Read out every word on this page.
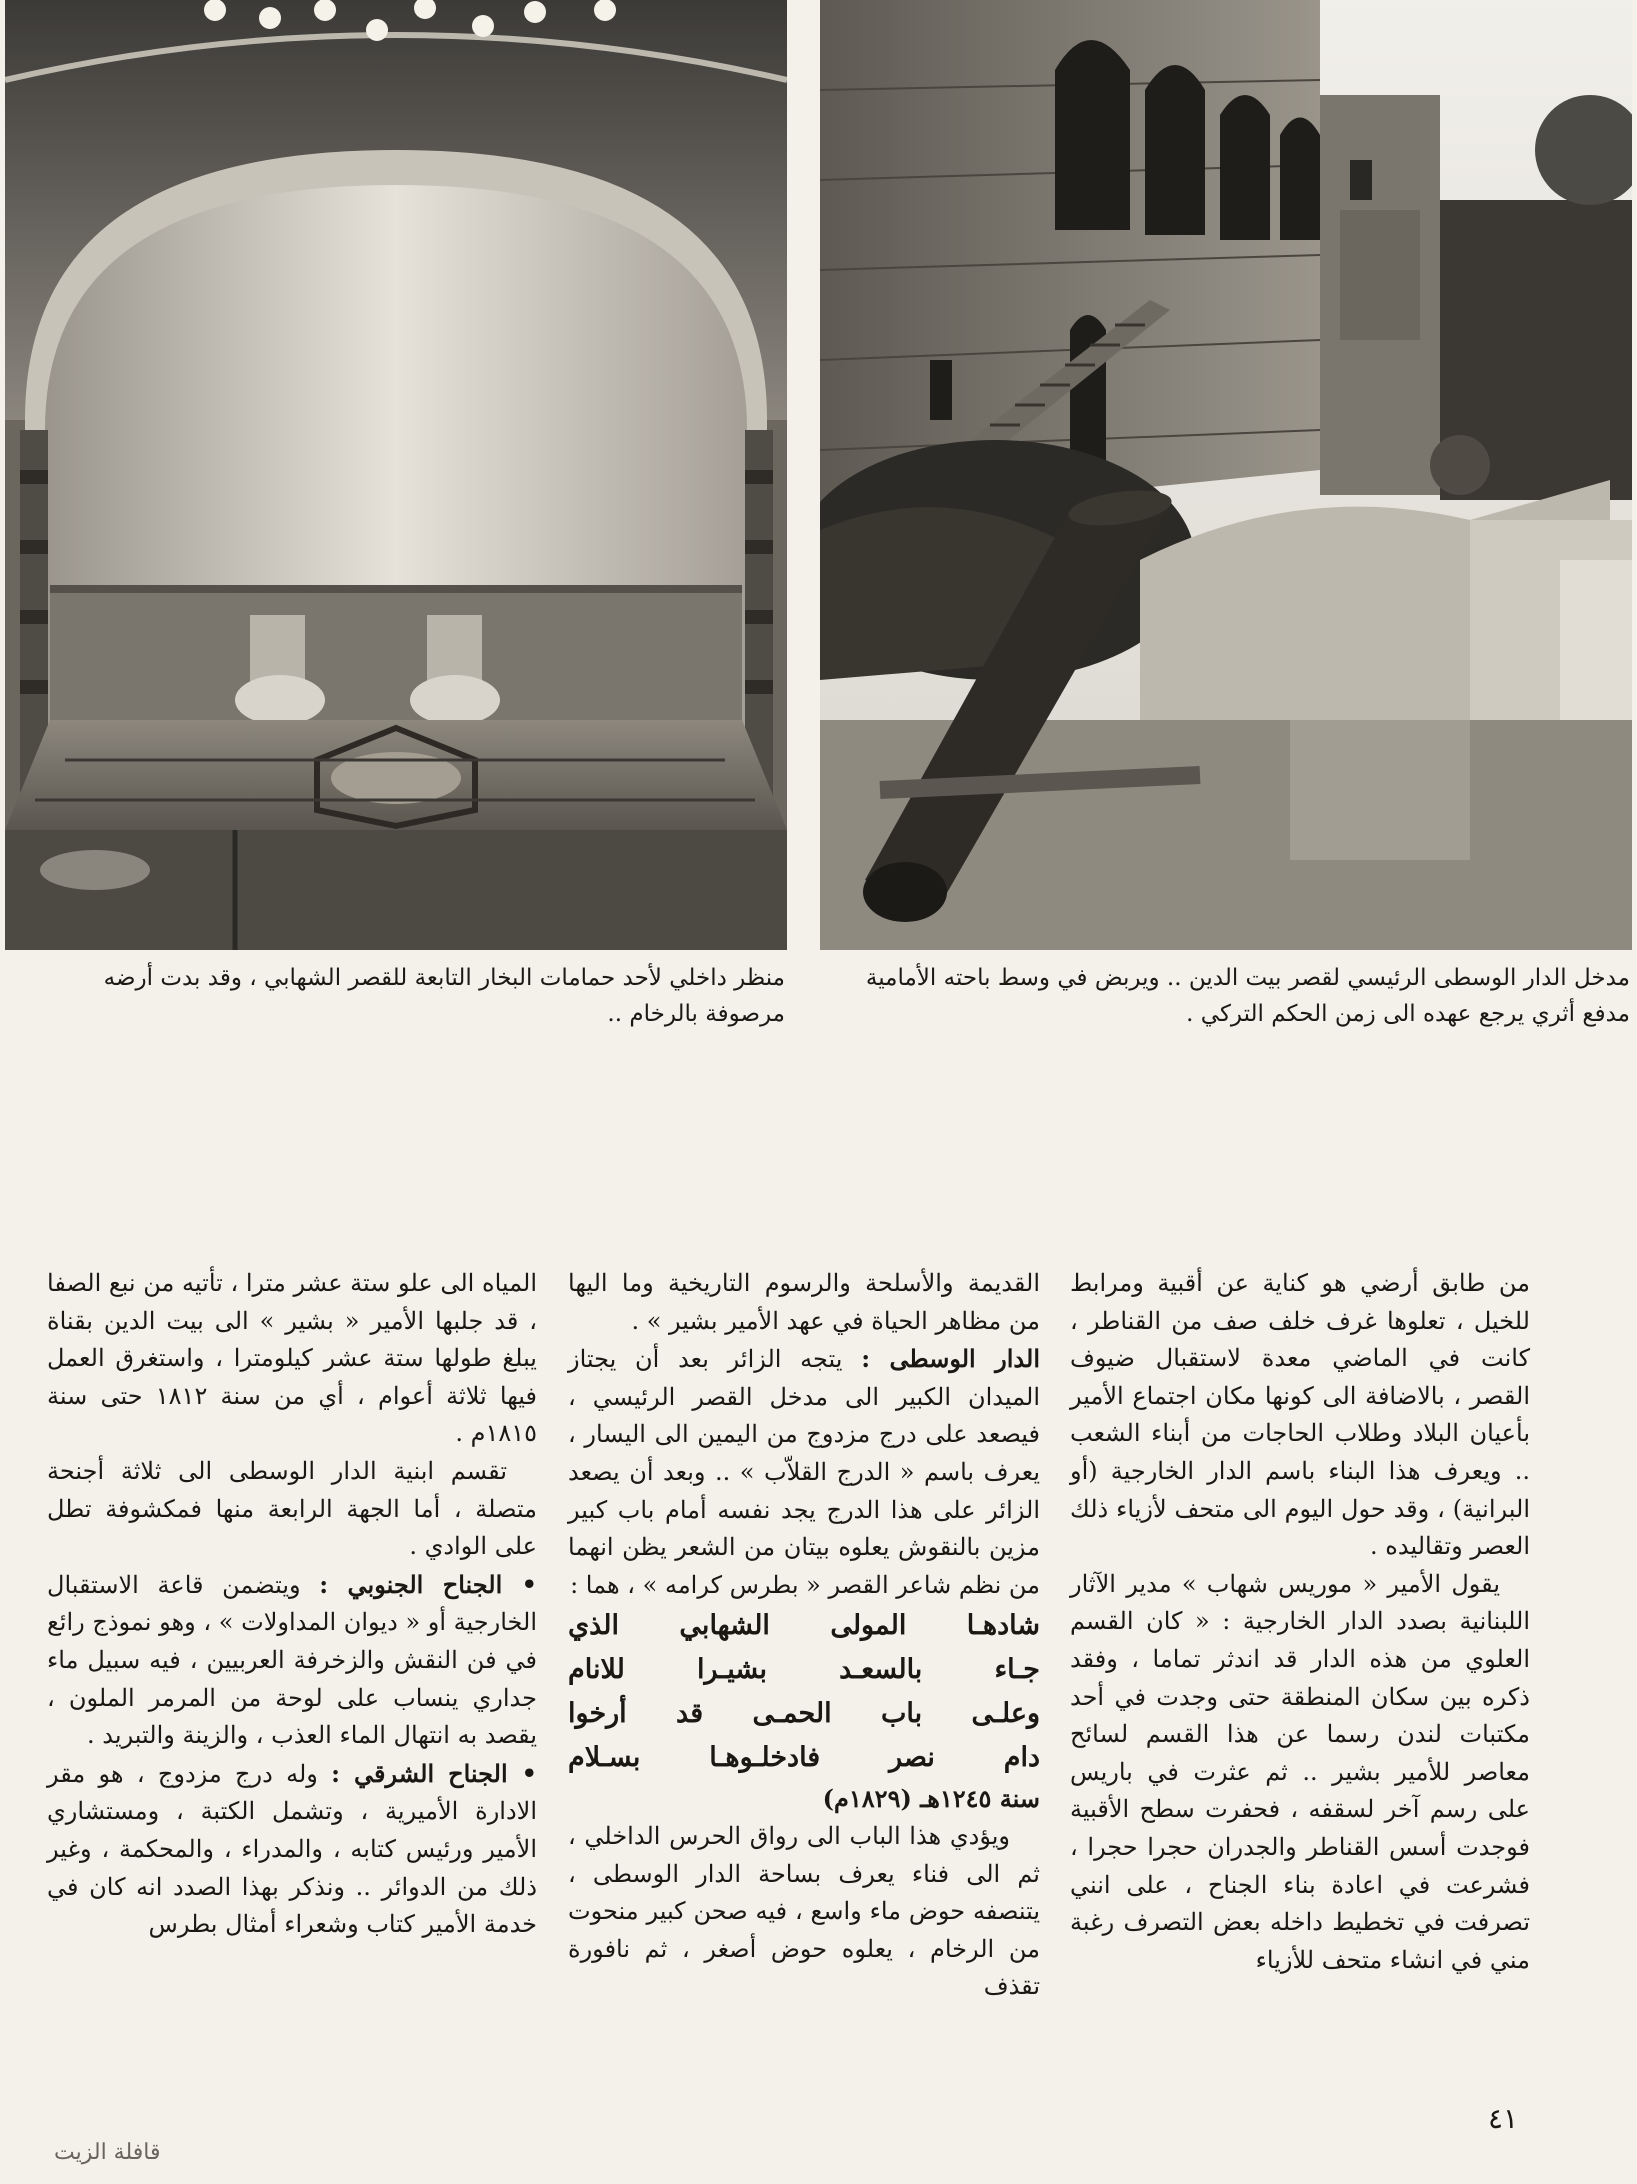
منظر داخلي لأحد حمامات البخار التابعة للقصر الشهابي ، وقد بدت أرضه مرصوفة بالرخام ..
مدخل الدار الوسطى الرئيسي لقصر بيت الدين .. ويربض في وسط باحته الأمامية مدفع أثري يرجع عهده الى زمن الحكم التركي .

من طابق أرضي هو كناية عن أقبية ومرابط للخيل ، تعلوها غرف خلف صف من القناطر ، كانت في الماضي معدة لاستقبال ضيوف القصر ، بالاضافة الى كونها مكان اجتماع الأمير بأعيان البلاد وطلاب الحاجات من أبناء الشعب .. ويعرف هذا البناء باسم الدار الخارجية (أو البرانية) ، وقد حول اليوم الى متحف لأزياء ذلك العصر وتقاليده .

يقول الأمير « موريس شهاب » مدير الآثار اللبنانية بصدد الدار الخارجية : « كان القسم العلوي من هذه الدار قد اندثر تماما ، وفقد ذكره بين سكان المنطقة حتى وجدت في أحد مكتبات لندن رسما عن هذا القسم لسائح معاصر للأمير بشير .. ثم عثرت في باريس على رسم آخر لسقفه ، فحفرت سطح الأقبية فوجدت أسس القناطر والجدران حجرا حجرا ، فشرعت في اعادة بناء الجناح ، على انني تصرفت في تخطيط داخله بعض التصرف رغبة مني في انشاء متحف للأزياء

القديمة والأسلحة والرسوم التاريخية وما اليها من مظاهر الحياة في عهد الأمير بشير » .

الدار الوسطى : يتجه الزائر بعد أن يجتاز الميدان الكبير الى مدخل القصر الرئيسي ، فيصعد على درج مزدوج من اليمين الى اليسار ، يعرف باسم « الدرج القلاّب » .. وبعد أن يصعد الزائر على هذا الدرج يجد نفسه أمام باب كبير مزين بالنقوش يعلوه بيتان من الشعر يظن انهما من نظم شاعر القصر « بطرس كرامه » ، هما :

شادهـا المولى الشهابي الذي

جـاء بالسعـد بشيـرا للانام

وعلـى باب الحمـى قد أرخوا

دام نصر فادخلـوهـا بسـلام

سنة ١٢٤٥هـ (١٨٢٩م)

ويؤدي هذا الباب الى رواق الحرس الداخلي ، ثم الى فناء يعرف بساحة الدار الوسطى ، يتنصفه حوض ماء واسع ، فيه صحن كبير منحوت من الرخام ، يعلوه حوض أصغر ، ثم نافورة تقذف

المياه الى علو ستة عشر مترا ، تأتيه من نبع الصفا ، قد جلبها الأمير « بشير » الى بيت الدين بقناة يبلغ طولها ستة عشر كيلومترا ، واستغرق العمل فيها ثلاثة أعوام ، أي من سنة ١٨١٢ حتى سنة ١٨١٥م .

تقسم ابنية الدار الوسطى الى ثلاثة أجنحة متصلة ، أما الجهة الرابعة منها فمكشوفة تطل على الوادي .

• الجناح الجنوبي : ويتضمن قاعة الاستقبال الخارجية أو « ديوان المداولات » ، وهو نموذج رائع في فن النقش والزخرفة العربيين ، فيه سبيل ماء جداري ينساب على لوحة من المرمر الملون ، يقصد به انتهال الماء العذب ، والزينة والتبريد .

• الجناح الشرقي : وله درج مزدوج ، هو مقر الادارة الأميرية ، وتشمل الكتبة ، ومستشاري الأمير ورئيس كتابه ، والمدراء ، والمحكمة ، وغير ذلك من الدوائر .. ونذكر بهذا الصدد انه كان في خدمة الأمير كتاب وشعراء أمثال بطرس

٤١
قافلة الزيت
